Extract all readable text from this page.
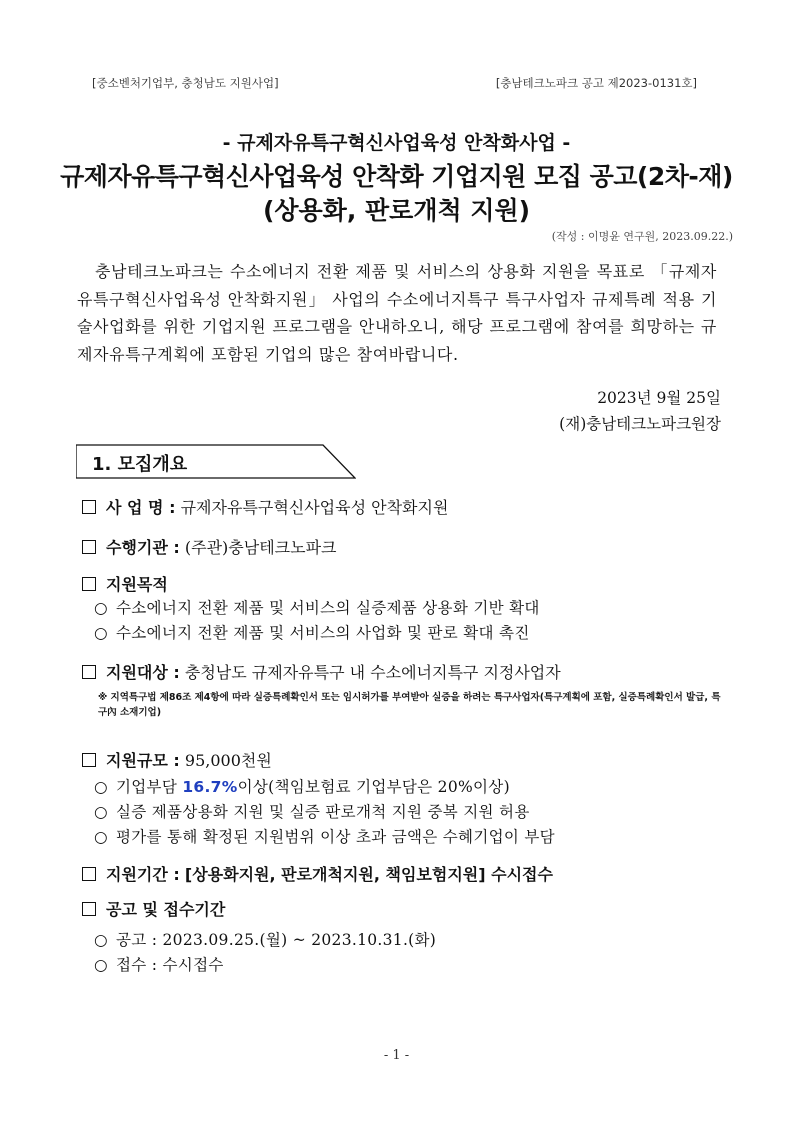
[중소벤처기업부, 충청남도 지원사업]	[충남테크노파크 공고 제2023-0131호]
- 규제자유특구혁신사업육성 안착화사업 -
규제자유특구혁신사업육성 안착화 기업지원 모집 공고(2차-재)
(상용화, 판로개척 지원)
(작성 : 이명윤 연구원, 2023.09.22.)
충남테크노파크는 수소에너지 전환 제품 및 서비스의 상용화 지원을 목표로 「규제자유특구혁신사업육성 안착화지원」 사업의 수소에너지특구 특구사업자 규제특례 적용 기술사업화를 위한 기업지원 프로그램을 안내하오니, 해당 프로그램에 참여를 희망하는 규제자유특구계획에 포함된 기업의 많은 참여바랍니다.
2023년 9월 25일
(재)충남테크노파크원장
1. 모집개요
사 업 명 : 규제자유특구혁신사업육성 안착화지원
수행기관 : (주관)충남테크노파크
지원목적
○ 수소에너지 전환 제품 및 서비스의 실증제품 상용화 기반 확대
○ 수소에너지 전환 제품 및 서비스의 사업화 및 판로 확대 촉진
지원대상 : 충청남도 규제자유특구 내 수소에너지특구 지정사업자
※ 지역특구법 제86조 제4항에 따라 실증특례확인서 또는 임시허가를 부여받아 실증을 하려는 특구사업자(특구계획에 포함, 실증특례확인서 발급, 특구內 소재기업)
지원규모 : 95,000천원
○ 기업부담 16.7%이상(책임보험료 기업부담은 20%이상)
○ 실증 제품상용화 지원 및 실증 판로개척 지원 중복 지원 허용
○ 평가를 통해 확정된 지원범위 이상 초과 금액은 수혜기업이 부담
지원기간 : [상용화지원, 판로개척지원, 책임보험지원] 수시접수
공고 및 접수기간
○ 공고 : 2023.09.25.(월) ~ 2023.10.31.(화)
○ 접수 : 수시접수
- 1 -
